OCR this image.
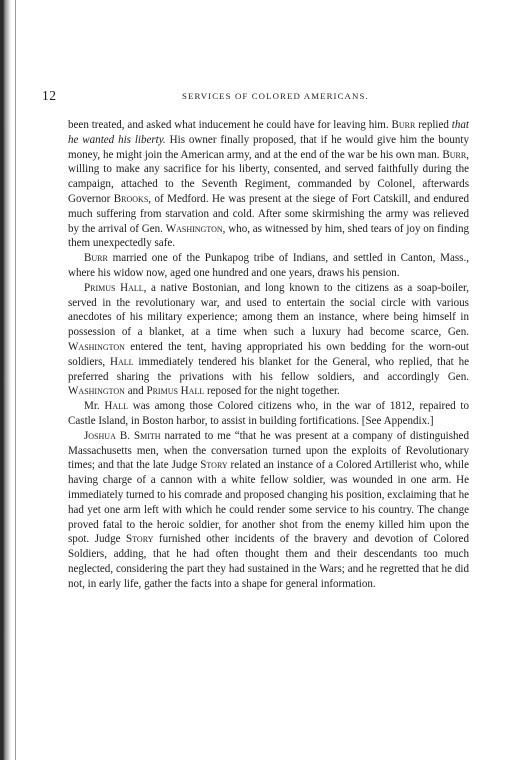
12	SERVICES OF COLORED AMERICANS.

been treated, and asked what inducement he could have for leaving him. Burr replied that he wanted his liberty. His owner finally proposed, that if he would give him the bounty money, he might join the American army, and at the end of the war be his own man. Burr, willing to make any sacrifice for his liberty, consented, and served faithfully during the campaign, attached to the Seventh Regiment, commanded by Colonel, afterwards Governor Brooks, of Medford. He was present at the siege of Fort Catskill, and endured much suffering from starvation and cold. After some skirmishing the army was relieved by the arrival of Gen. Washington, who, as witnessed by him, shed tears of joy on finding them unexpectedly safe.

Burr married one of the Punkapog tribe of Indians, and settled in Canton, Mass., where his widow now, aged one hundred and one years, draws his pension.

Primus Hall, a native Bostonian, and long known to the citizens as a soap-boiler, served in the revolutionary war, and used to entertain the social circle with various anecdotes of his military experience; among them an instance, where being himself in possession of a blanket, at a time when such a luxury had become scarce, Gen. Washington entered the tent, having appropriated his own bedding for the worn-out soldiers, Hall immediately tendered his blanket for the General, who replied, that he preferred sharing the privations with his fellow soldiers, and accordingly Gen. Washington and Primus Hall reposed for the night together.

Mr. Hall was among those Colored citizens who, in the war of 1812, repaired to Castle Island, in Boston harbor, to assist in building fortifications. [See Appendix.]

Joshua B. Smith narrated to me “that he was present at a company of distinguished Massachusetts men, when the conversation turned upon the exploits of Revolutionary times; and that the late Judge Story related an instance of a Colored Artillerist who, while having charge of a cannon with a white fellow soldier, was wounded in one arm. He immediately turned to his comrade and proposed changing his position, exclaiming that he had yet one arm left with which he could render some service to his country. The change proved fatal to the heroic soldier, for another shot from the enemy killed him upon the spot. Judge Story furnished other incidents of the bravery and devotion of Colored Soldiers, adding, that he had often thought them and their descendants too much neglected, considering the part they had sustained in the Wars; and he regretted that he did not, in early life, gather the facts into a shape for general information.
